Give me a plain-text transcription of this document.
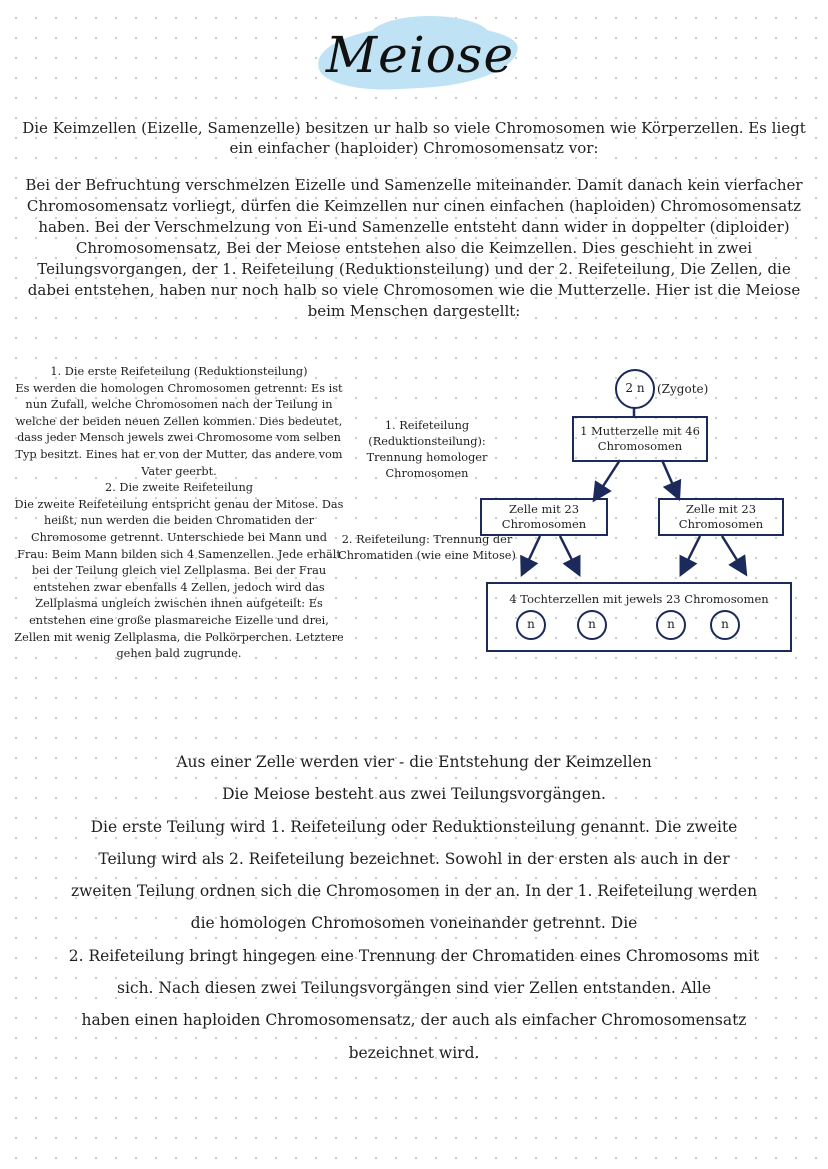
Meiose

Die Keimzellen (Eizelle, Samenzelle) besitzen ur halb so viele Chromosomen wie Körperzellen. Es liegt ein einfacher (haploider) Chromosomensatz vor:

Bei der Befruchtung verschmelzen Eizelle und Samenzelle miteinander. Damit danach kein vierfacher Chromosomensatz vorliegt, dürfen die Keimzellen nur cinen einfachen (haploiden) Chromosomensatz haben. Bei der Verschmelzung von Ei-und Samenzelle entsteht dann wider in doppelter (diploider) Chromosomensatz, Bei der Meiose entstehen also die Keimzellen. Dies geschieht in zwei Teilungsvorgangen, der 1. Reifeteilung (Reduktionsteilung) und der 2. Reifeteilung, Die Zellen, die dabei entstehen, haben nur noch halb so viele Chromosomen wie die Mutterzelle. Hier ist die Meiose beim Menschen dargestellt:

1. Die erste Reifeteilung (Reduktionsteilung)

Es werden die homologen Chromosomen getrennt: Es ist nun Zufall, welche Chromosomen nach der Teilung in welche der beiden neuen Zellen kommen. Dies bedeutet, dass jeder Mensch jewels zwei Chromosome vom selben Typ besitzt. Eines hat er von der Mutter, das andere vom Vater geerbt.

2. Die zweite Reifeteilung

Die zweite Reifeteilung entspricht genau der Mitose. Das heißt, nun werden die beiden Chromatiden der Chromosome getrennt. Unterschiede bei Mann und Frau: Beim Mann bilden sich 4 Samenzellen. Jede erhält bei der Teilung gleich viel Zellplasma. Bei der Frau entstehen zwar ebenfalls 4 Zellen, jedoch wird das Zellplasma ungleich zwischen ihnen aufgeteilt: Es entstehen eine große plasmareiche Eizelle und drei, Zellen mit wenig Zellplasma, die Polkörperchen. Letztere gehen bald zugrunde.

1. Reifeteilung (Reduktionsteilung): Trennung homologer Chromosomen

2. Reifeteilung: Trennung der Chromatiden (wie eine Mitose)

2 n	(Zygote)
1 Mutterzelle mit 46 Chromosomen
Zelle mit 23 Chromosomen
Zelle mit 23 Chromosomen
4 Tochterzellen mit jewels 23 Chromosomen
n	n	n	n

Aus einer Zelle werden vier - die Entstehung der Keimzellen
Die Meiose besteht aus zwei Teilungsvorgängen.
Die erste Teilung wird 1. Reifeteilung oder Reduktionsteilung genannt. Die zweite
Teilung wird als 2. Reifeteilung bezeichnet. Sowohl in der ersten als auch in der
zweiten Teilung ordnen sich die Chromosomen in der an. In der 1. Reifeteilung werden
die homologen Chromosomen voneinander getrennt. Die
2. Reifeteilung bringt hingegen eine Trennung der Chromatiden eines Chromosoms mit
sich. Nach diesen zwei Teilungsvorgängen sind vier Zellen entstanden. Alle
haben einen haploiden Chromosomensatz, der auch als einfacher Chromosomensatz
bezeichnet wird.
